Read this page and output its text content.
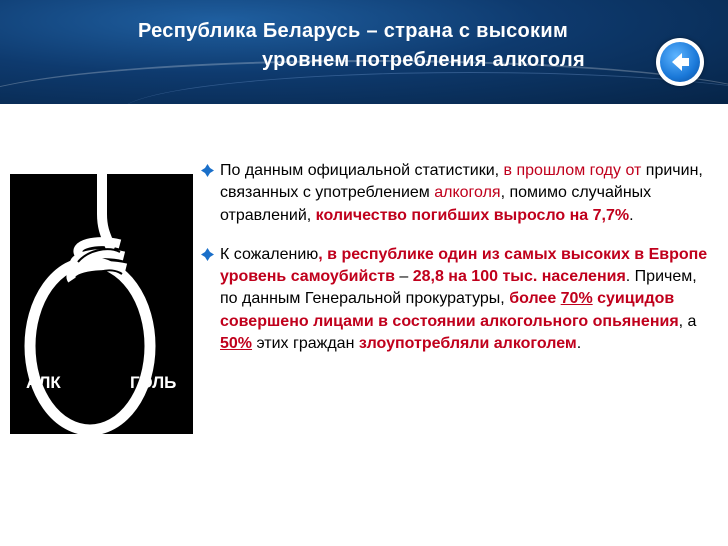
Республика Беларусь – страна с высоким
уровнем потребления алкоголя
АЛК	ГОЛЬ
По данным официальной статистики, в прошлом году от причин, связанных с употреблением алкоголя, помимо случайных отравлений, количество погибших выросло на 7,7%.
К сожалению, в республике один из самых высоких в Европе уровень самоубийств – 28,8 на 100 тыс. населения. Причем, по данным Генеральной прокуратуры, более 70% суицидов совершено лицами в состоянии алкогольного опьянения, а 50% этих граждан злоупотребляли алкоголем.
